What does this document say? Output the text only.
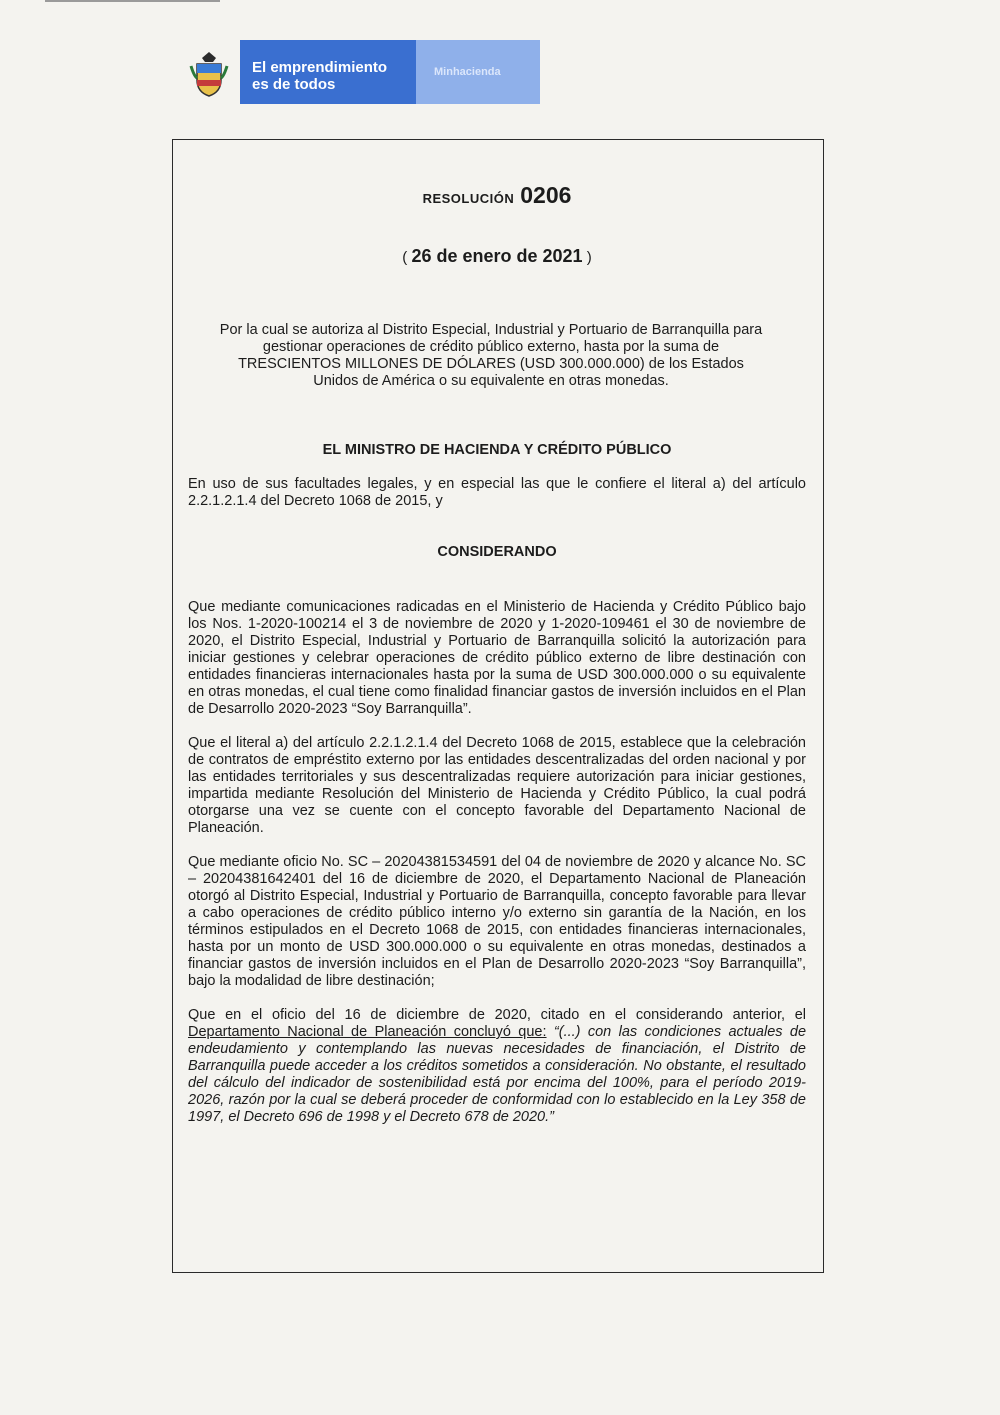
El emprendimiento
es de todos
Minhacienda
RESOLUCIÓN 0206
( 26 de enero de 2021 )
Por la cual se autoriza al Distrito Especial, Industrial y Portuario de Barranquilla para gestionar operaciones de crédito público externo, hasta por la suma de TRESCIENTOS MILLONES DE DÓLARES (USD 300.000.000) de los Estados Unidos de América o su equivalente en otras monedas.
EL MINISTRO DE HACIENDA Y CRÉDITO PÚBLICO
En uso de sus facultades legales, y en especial las que le confiere el literal a) del artículo 2.2.1.2.1.4 del Decreto 1068 de 2015, y
CONSIDERANDO
Que mediante comunicaciones radicadas en el Ministerio de Hacienda y Crédito Público bajo los Nos. 1-2020-100214 el 3 de noviembre de 2020 y 1-2020-109461 el 30 de noviembre de 2020, el Distrito Especial, Industrial y Portuario de Barranquilla solicitó la autorización para iniciar gestiones y celebrar operaciones de crédito público externo de libre destinación con entidades financieras internacionales hasta por la suma de USD 300.000.000 o su equivalente en otras monedas, el cual tiene como finalidad financiar gastos de inversión incluidos en el Plan de Desarrollo 2020-2023 “Soy Barranquilla”.
Que el literal a) del artículo 2.2.1.2.1.4 del Decreto 1068 de 2015, establece que la celebración de contratos de empréstito externo por las entidades descentralizadas del orden nacional y por las entidades territoriales y sus descentralizadas requiere autorización para iniciar gestiones, impartida mediante Resolución del Ministerio de Hacienda y Crédito Público, la cual podrá otorgarse una vez se cuente con el concepto favorable del Departamento Nacional de Planeación.
Que mediante oficio No. SC – 20204381534591 del 04 de noviembre de 2020 y alcance No. SC – 20204381642401 del 16 de diciembre de 2020, el Departamento Nacional de Planeación otorgó al Distrito Especial, Industrial y Portuario de Barranquilla, concepto favorable para llevar a cabo operaciones de crédito público interno y/o externo sin garantía de la Nación, en los términos estipulados en el Decreto 1068 de 2015, con entidades financieras internacionales, hasta por un monto de USD 300.000.000 o su equivalente en otras monedas, destinados a financiar gastos de inversión incluidos en el Plan de Desarrollo 2020-2023 “Soy Barranquilla”, bajo la modalidad de libre destinación;
Que en el oficio del 16 de diciembre de 2020, citado en el considerando anterior, el Departamento Nacional de Planeación concluyó que: “(...) con las condiciones actuales de endeudamiento y contemplando las nuevas necesidades de financiación, el Distrito de Barranquilla puede acceder a los créditos sometidos a consideración. No obstante, el resultado del cálculo del indicador de sostenibilidad está por encima del 100%, para el período 2019- 2026, razón por la cual se deberá proceder de conformidad con lo establecido en la Ley 358 de 1997, el Decreto 696 de 1998 y el Decreto 678 de 2020.”
